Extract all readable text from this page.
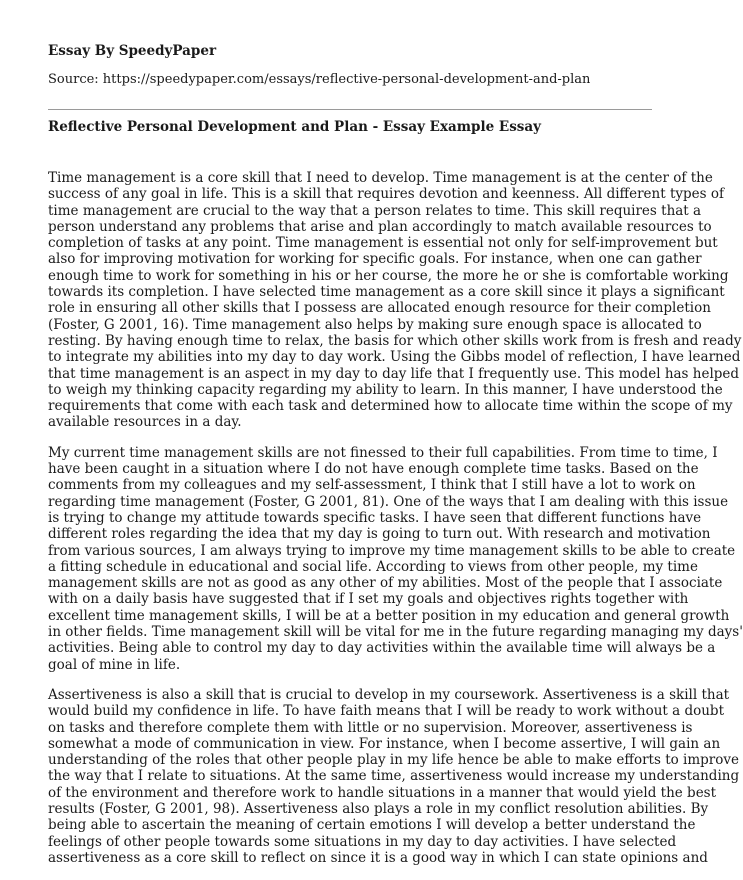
Essay By SpeedyPaper
Source: https://speedypaper.com/essays/reflective-personal-development-and-plan
Reflective Personal Development and Plan - Essay Example Essay

Time management is a core skill that I need to develop. Time management is at the center of the
success of any goal in life. This is a skill that requires devotion and keenness. All different types of
time management are crucial to the way that a person relates to time. This skill requires that a
person understand any problems that arise and plan accordingly to match available resources to
completion of tasks at any point. Time management is essential not only for self-improvement but
also for improving motivation for working for specific goals. For instance, when one can gather
enough time to work for something in his or her course, the more he or she is comfortable working
towards its completion. I have selected time management as a core skill since it plays a significant
role in ensuring all other skills that I possess are allocated enough resource for their completion
(Foster, G 2001, 16). Time management also helps by making sure enough space is allocated to
resting. By having enough time to relax, the basis for which other skills work from is fresh and ready
to integrate my abilities into my day to day work. Using the Gibbs model of reflection, I have learned
that time management is an aspect in my day to day life that I frequently use. This model has helped
to weigh my thinking capacity regarding my ability to learn. In this manner, I have understood the
requirements that come with each task and determined how to allocate time within the scope of my
available resources in a day.

My current time management skills are not finessed to their full capabilities. From time to time, I
have been caught in a situation where I do not have enough complete time tasks. Based on the
comments from my colleagues and my self-assessment, I think that I still have a lot to work on
regarding time management (Foster, G 2001, 81). One of the ways that I am dealing with this issue
is trying to change my attitude towards specific tasks. I have seen that different functions have
different roles regarding the idea that my day is going to turn out. With research and motivation
from various sources, I am always trying to improve my time management skills to be able to create
a fitting schedule in educational and social life. According to views from other people, my time
management skills are not as good as any other of my abilities. Most of the people that I associate
with on a daily basis have suggested that if I set my goals and objectives rights together with
excellent time management skills, I will be at a better position in my education and general growth
in other fields. Time management skill will be vital for me in the future regarding managing my days'
activities. Being able to control my day to day activities within the available time will always be a
goal of mine in life.

Assertiveness is also a skill that is crucial to develop in my coursework. Assertiveness is a skill that
would build my confidence in life. To have faith means that I will be ready to work without a doubt
on tasks and therefore complete them with little or no supervision. Moreover, assertiveness is
somewhat a mode of communication in view. For instance, when I become assertive, I will gain an
understanding of the roles that other people play in my life hence be able to make efforts to improve
the way that I relate to situations. At the same time, assertiveness would increase my understanding
of the environment and therefore work to handle situations in a manner that would yield the best
results (Foster, G 2001, 98). Assertiveness also plays a role in my conflict resolution abilities. By
being able to ascertain the meaning of certain emotions I will develop a better understand the
feelings of other people towards some situations in my day to day activities. I have selected
assertiveness as a core skill to reflect on since it is a good way in which I can state opinions and
